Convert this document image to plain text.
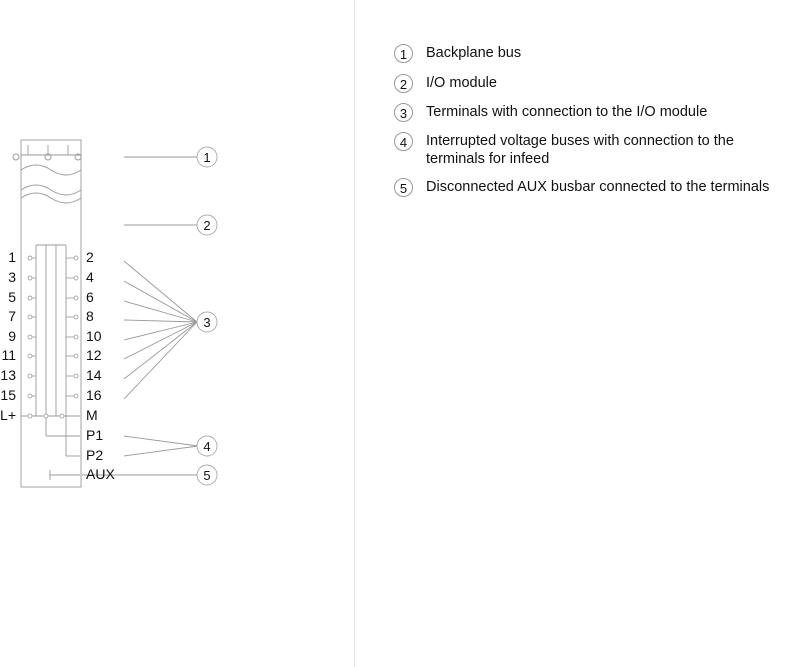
1
3
5
7
9
11
13
15
L+
2
4
6
8
10
12
14
16
M
P1
P2
AUX
1
2
3
4
5
1	Backplane bus
2	I/O module
3	Terminals with connection to the I/O module
4	Interrupted voltage buses with connection to the terminals for infeed
5	Disconnected AUX busbar connected to the terminals
